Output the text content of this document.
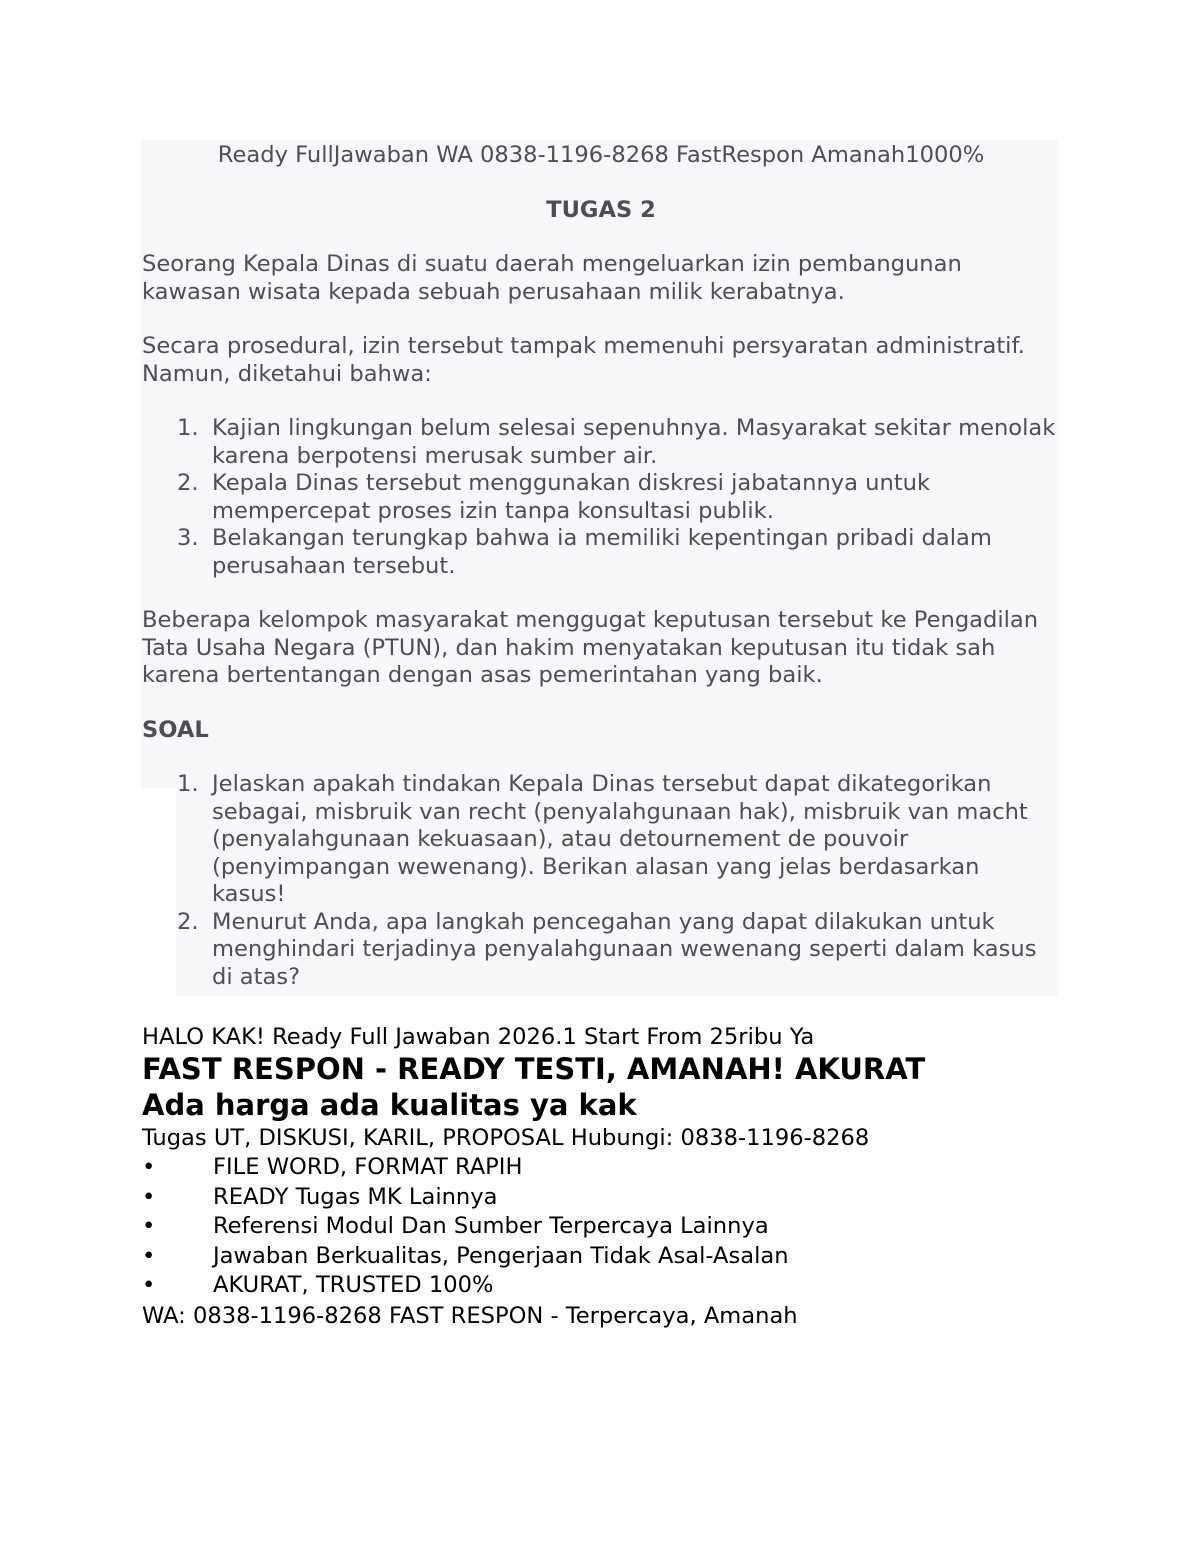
Ready FullJawaban WA 0838-1196-8268 FastRespon Amanah1000%

TUGAS 2

Seorang Kepala Dinas di suatu daerah mengeluarkan izin pembangunan kawasan wisata kepada sebuah perusahaan milik kerabatnya.

Secara prosedural, izin tersebut tampak memenuhi persyaratan administratif. Namun, diketahui bahwa:

1. Kajian lingkungan belum selesai sepenuhnya. Masyarakat sekitar menolak karena berpotensi merusak sumber air.
2. Kepala Dinas tersebut menggunakan diskresi jabatannya untuk mempercepat proses izin tanpa konsultasi publik.
3. Belakangan terungkap bahwa ia memiliki kepentingan pribadi dalam perusahaan tersebut.

Beberapa kelompok masyarakat menggugat keputusan tersebut ke Pengadilan Tata Usaha Negara (PTUN), dan hakim menyatakan keputusan itu tidak sah karena bertentangan dengan asas pemerintahan yang baik.

SOAL

1. Jelaskan apakah tindakan Kepala Dinas tersebut dapat dikategorikan sebagai, misbruik van recht (penyalahgunaan hak), misbruik van macht (penyalahgunaan kekuasaan), atau detournement de pouvoir (penyimpangan wewenang). Berikan alasan yang jelas berdasarkan kasus!
2. Menurut Anda, apa langkah pencegahan yang dapat dilakukan untuk menghindari terjadinya penyalahgunaan wewenang seperti dalam kasus di atas?

HALO KAK! Ready Full Jawaban 2026.1 Start From 25ribu Ya

FAST RESPON - READY TESTI, AMANAH! AKURAT

Ada harga ada kualitas ya kak

Tugas UT, DISKUSI, KARIL, PROPOSAL Hubungi: 0838-1196-8268

•	FILE WORD, FORMAT RAPIH
•	READY Tugas MK Lainnya
•	Referensi Modul Dan Sumber Terpercaya Lainnya
•	Jawaban Berkualitas, Pengerjaan Tidak Asal-Asalan
•	AKURAT, TRUSTED 100%

WA: 0838-1196-8268 FAST RESPON - Terpercaya, Amanah
